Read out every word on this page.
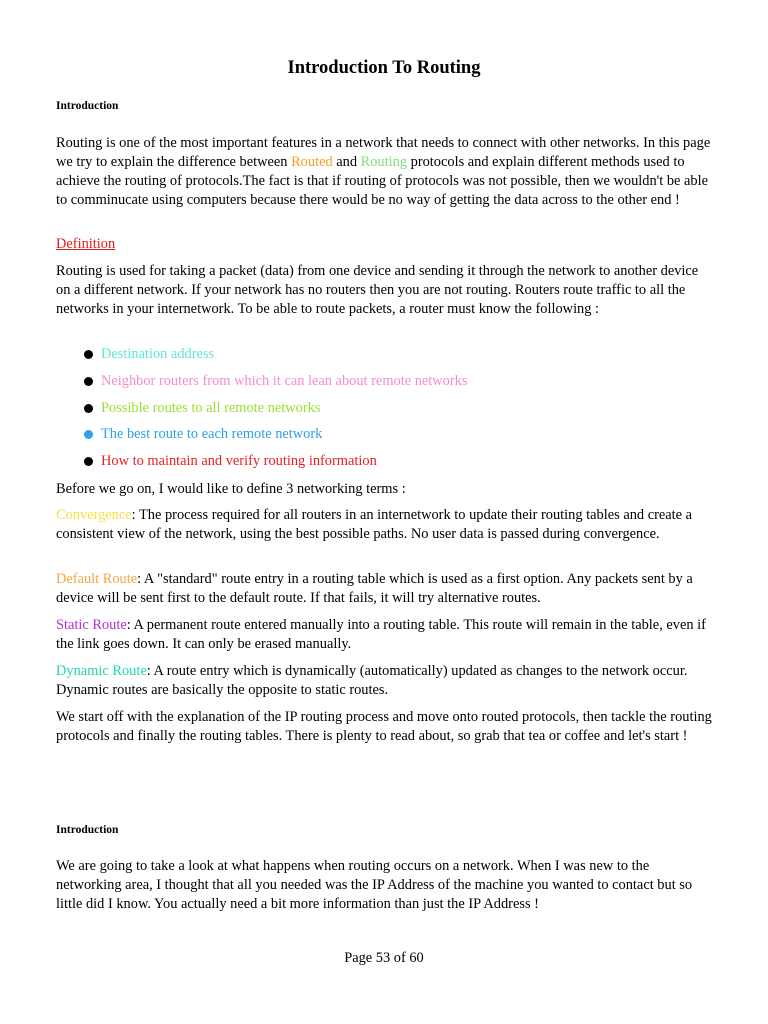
Introduction To Routing
Introduction

Routing is one of the most important features in a network that needs to connect with other networks. In this page we try to explain the difference between Routed and Routing protocols and explain different methods used to achieve the routing of protocols.The fact is that if routing of protocols was not possible, then we wouldn't be able to comminucate using computers because there would be no way of getting the data across to the other end !

Definition

Routing is used for taking a packet (data) from one device and sending it through the network to another device on a different network. If your network has no routers then you are not routing. Routers route traffic to all the networks in your internetwork. To be able to route packets, a router must know the following :

Destination address
Neighbor routers from which it can lean about remote networks
Possible routes to all remote networks
The best route to each remote network
How to maintain and verify routing information

Before we go on, I would like to define 3 networking terms :

Convergence: The process required for all routers in an internetwork to update their routing tables and create a consistent view of the network, using the best possible paths. No user data is passed during convergence.

Default Route: A "standard" route entry in a routing table which is used as a first option. Any packets sent by a device will be sent first to the default route. If that fails, it will try alternative routes.

Static Route: A permanent route entered manually into a routing table. This route will remain in the table, even if the link goes down. It can only be erased manually.

Dynamic Route: A route entry which is dynamically (automatically) updated as changes to the network occur. Dynamic routes are basically the opposite to static routes.

We start off with the explanation of the IP routing process and move onto routed protocols, then tackle the routing protocols and finally the routing tables. There is plenty to read about, so grab that tea or coffee and let's start !

Introduction

We are going to take a look at what happens when routing occurs on a network. When I was new to the networking area, I thought that all you needed was the IP Address of the machine you wanted to contact but so little did I know. You actually need a bit more information than just the IP Address !

Page 53 of 60
